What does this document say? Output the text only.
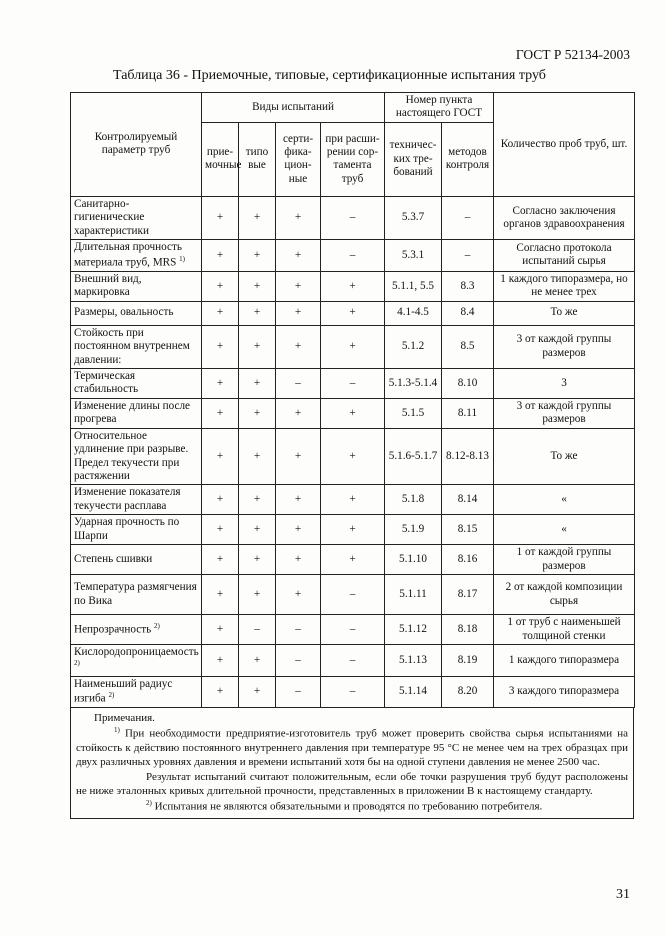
ГОСТ Р 52134-2003
Таблица 36 - Приемочные, типовые, сертификационные испытания труб
Контролируемый параметр труб	Виды испытаний				Номер пункта настоящего ГОСТ		Количество проб труб, шт.
	прие-мочные	типо вые	серти-фика-цион-ные	при расши-рении сор-тамента труб	техничес-ких тре-бований	методов контроля	
Санитарно-гигиенические характеристики	+	+	+	–	5.3.7	–	Согласно заключения органов здравоохранения
Длительная прочность материала труб, MRS $^{1)}$	+	+	+	–	5.3.1	–	Согласно протокола испытаний сырья
Внешний вид, маркировка	+	+	+	+	5.1.1, 5.5	8.3	1 каждого типоразмера, но не менее трех
Размеры, овальность	+	+	+	+	4.1-4.5	8.4	То же
Стойкость при постоянном внутреннем давлении:	+	+	+	+	5.1.2	8.5	3 от каждой группы размеров
Термическая стабильность	+	+	–	–	5.1.3-5.1.4	8.10	3
Изменение длины после прогрева	+	+	+	+	5.1.5	8.11	3 от каждой группы размеров
Относительное удлинение при разрыве. Предел текучести при растяжении	+	+	+	+	5.1.6-5.1.7	8.12-8.13	То же
Изменение показателя текучести расплава	+	+	+	+	5.1.8	8.14	«
Ударная прочность по Шарпи	+	+	+	+	5.1.9	8.15	«
Степень сшивки	+	+	+	+	5.1.10	8.16	1 от каждой группы размеров
Температура размягчения по Вика	+	+	+	–	5.1.11	8.17	2 от каждой композиции сырья
Непрозрачность $^{2)}$	+	–	–	–	5.1.12	8.18	1 от труб с наименьшей толщиной стенки
Кислородопроницаемость $^{2)}$	+	+	–	–	5.1.13	8.19	1 каждого типоразмера
Наименьший радиус изгиба $^{2)}$	+	+	–	–	5.1.14	8.20	3 каждого типоразмера

Примечания.

$^{1)}$ При необходимости предприятие-изготовитель труб может проверить свойства сырья испытаниями на стойкость к действию постоянного внутреннего давления при температуре 95 °С не менее чем на трех образцах при двух различных уровнях давления и времени испытаний хотя бы на одной ступени давления не менее 2500 час.

Результат испытаний считают положительным, если обе точки разрушения труб будут расположены не ниже эталонных кривых длительной прочности, представленных в приложении В к настоящему стандарту.

$^{2)}$ Испытания не являются обязательными и проводятся по требованию потребителя.

31
